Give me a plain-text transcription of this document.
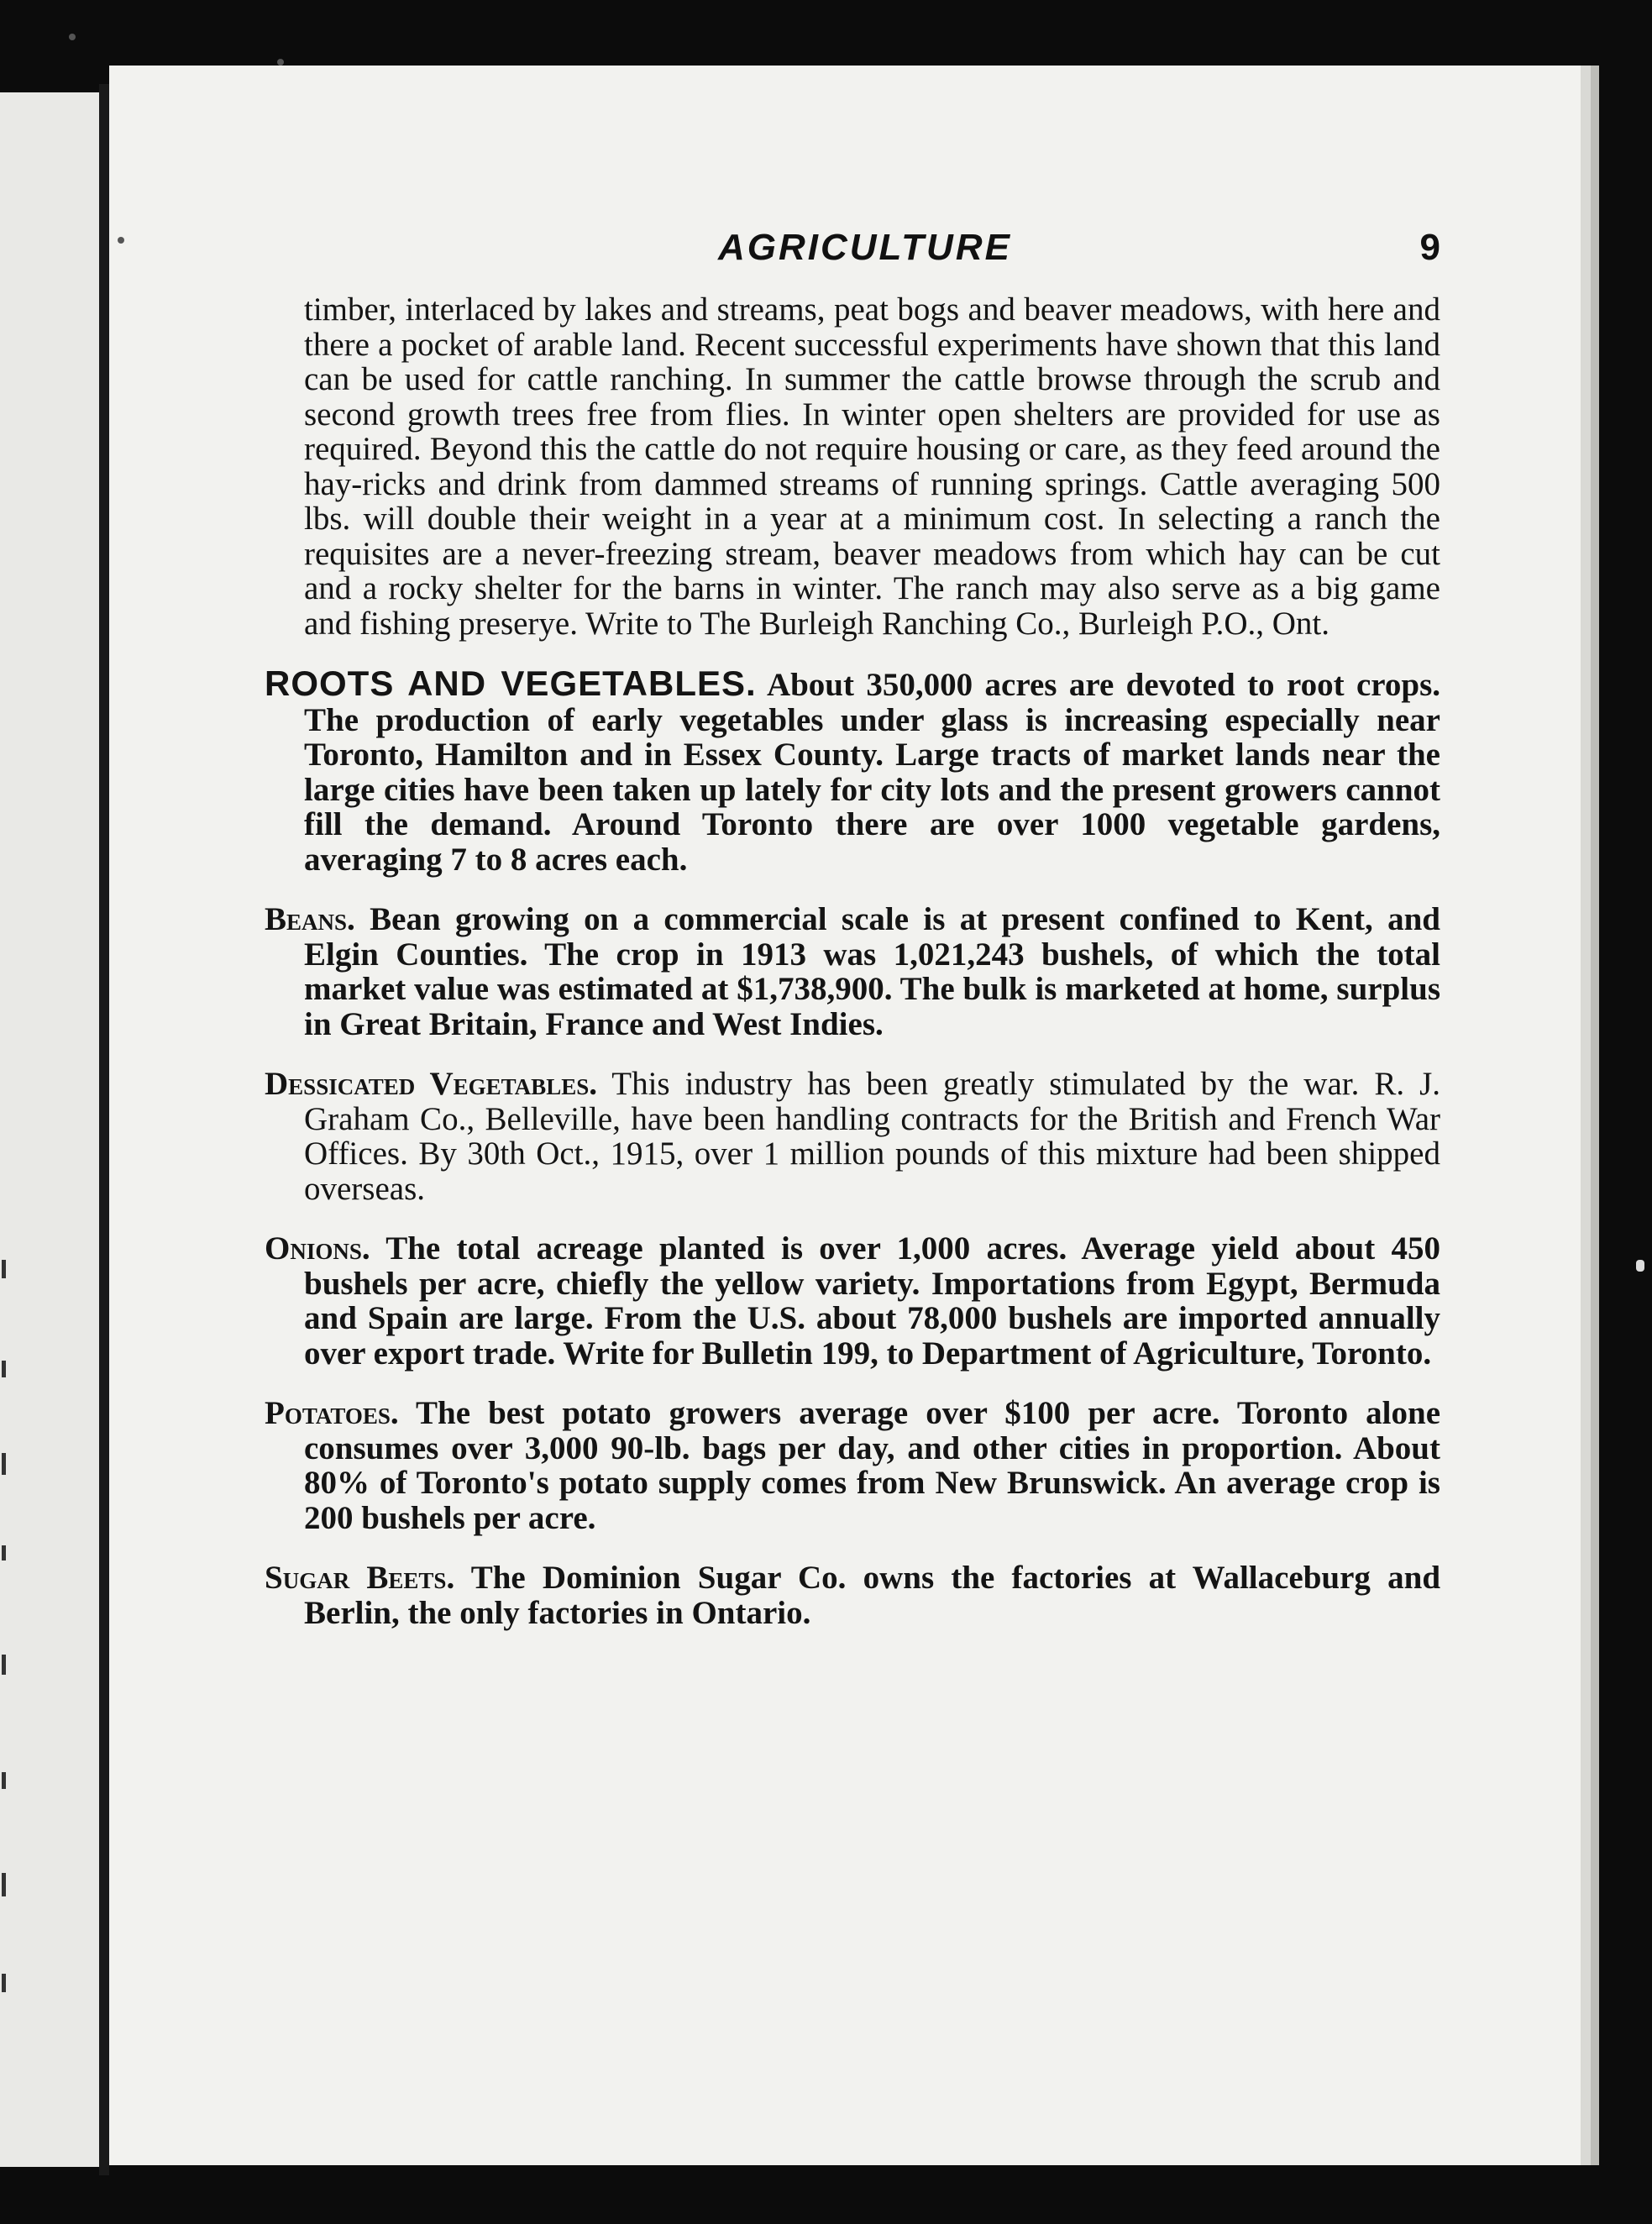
AGRICULTURE	9

timber, interlaced by lakes and streams, peat bogs and beaver meadows, with here and there a pocket of arable land. Recent successful experiments have shown that this land can be used for cattle ranching. In summer the cattle browse through the scrub and second growth trees free from flies. In winter open shelters are provided for use as required. Beyond this the cattle do not require housing or care, as they feed around the hay-ricks and drink from dammed streams of running springs. Cattle averaging 500 lbs. will double their weight in a year at a minimum cost. In selecting a ranch the requisites are a never-freezing stream, beaver meadows from which hay can be cut and a rocky shelter for the barns in winter. The ranch may also serve as a big game and fishing preserye. Write to The Burleigh Ranching Co., Burleigh P.O., Ont.

ROOTS AND VEGETABLES. About 350,000 acres are devoted to root crops. The production of early vegetables under glass is increasing especially near Toronto, Hamilton and in Essex County. Large tracts of market lands near the large cities have been taken up lately for city lots and the present growers cannot fill the demand. Around Toronto there are over 1000 vegetable gardens, averaging 7 to 8 acres each.

Beans. Bean growing on a commercial scale is at present confined to Kent, and Elgin Counties. The crop in 1913 was 1,021,243 bushels, of which the total market value was estimated at $1,738,900. The bulk is marketed at home, surplus in Great Britain, France and West Indies.

Dessicated Vegetables. This industry has been greatly stimulated by the war. R. J. Graham Co., Belleville, have been handling contracts for the British and French War Offices. By 30th Oct., 1915, over 1 million pounds of this mixture had been shipped overseas.

Onions. The total acreage planted is over 1,000 acres. Average yield about 450 bushels per acre, chiefly the yellow variety. Importations from Egypt, Bermuda and Spain are large. From the U.S. about 78,000 bushels are imported annually over export trade. Write for Bulletin 199, to Department of Agriculture, Toronto.

Potatoes. The best potato growers average over $100 per acre. Toronto alone consumes over 3,000 90-lb. bags per day, and other cities in proportion. About 80% of Toronto's potato supply comes from New Brunswick. An average crop is 200 bushels per acre.

Sugar Beets. The Dominion Sugar Co. owns the factories at Wallaceburg and Berlin, the only factories in Ontario.
